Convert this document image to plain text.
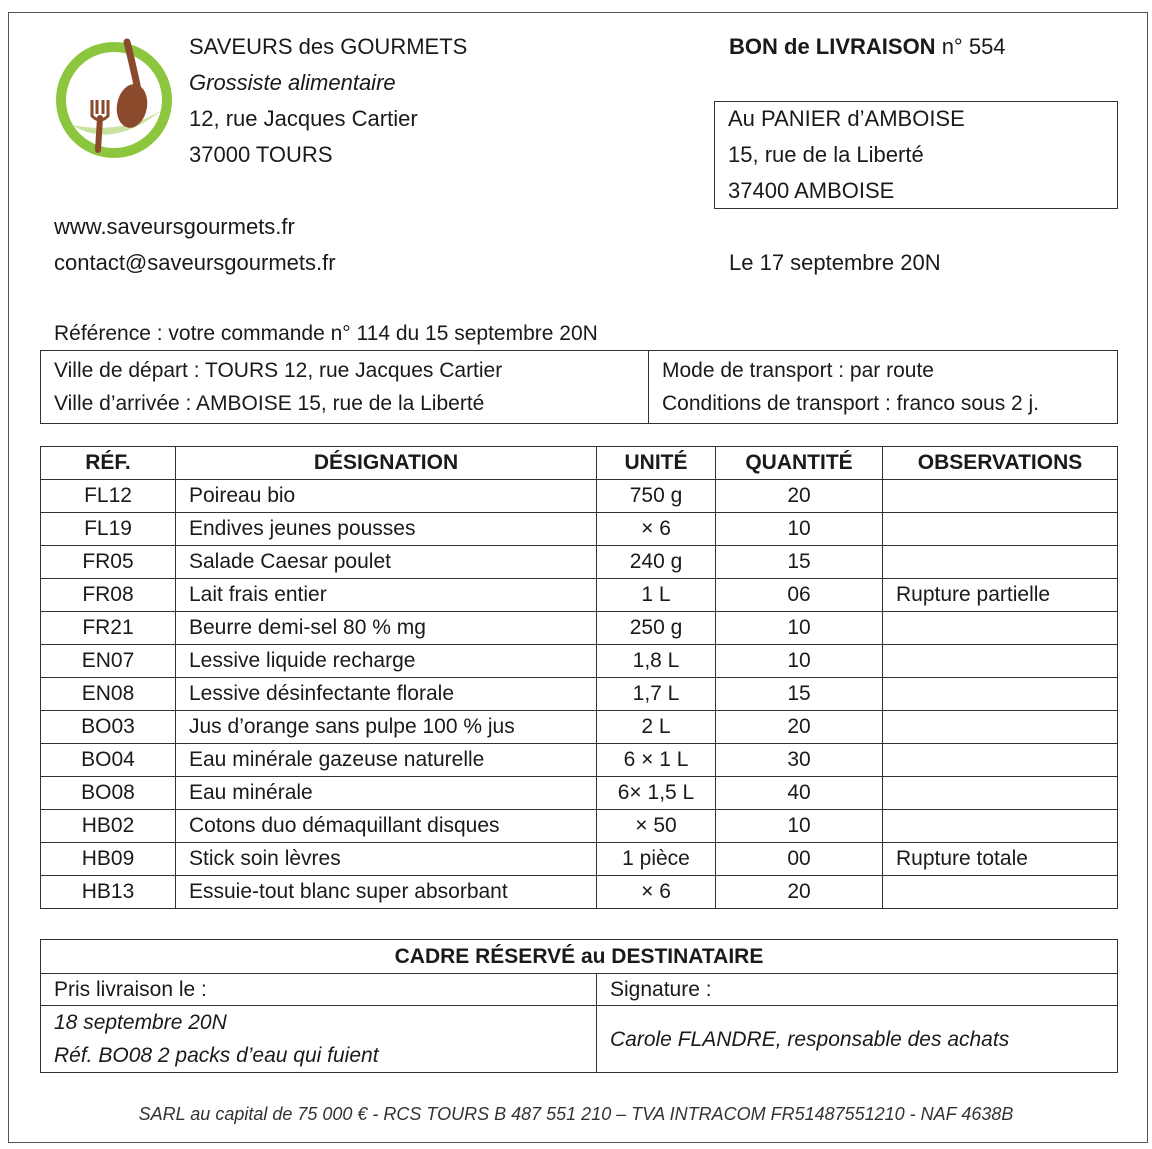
SAVEURS des GOURMETS
Grossiste alimentaire
12, rue Jacques Cartier
37000 TOURS
www.saveursgourmets.fr
contact@saveursgourmets.fr
BON de LIVRAISON n° 554
Au PANIER d’AMBOISE
15, rue de la Liberté
37400 AMBOISE
Le 17 septembre 20N
Référence : votre commande n° 114 du 15 septembre 20N
Ville de départ : TOURS 12, rue Jacques Cartier
Ville d’arrivée : AMBOISE 15, rue de la Liberté

Mode de transport : par route
Conditions de transport : franco sous 2 j.
RÉF.	DÉSIGNATION	UNITÉ	QUANTITÉ	OBSERVATIONS
FL12	Poireau bio	750 g	20	
FL19	Endives jeunes pousses	× 6	10	
FR05	Salade Caesar poulet	240 g	15	
FR08	Lait frais entier	1 L	06	Rupture partielle
FR21	Beurre demi-sel 80 % mg	250 g	10	
EN07	Lessive liquide recharge	1,8 L	10	
EN08	Lessive désinfectante florale	1,7 L	15	
BO03	Jus d’orange sans pulpe 100 % jus	2 L	20	
BO04	Eau minérale gazeuse naturelle	6 × 1 L	30	
BO08	Eau minérale	6× 1,5 L	40	
HB02	Cotons duo démaquillant disques	× 50	10	
HB09	Stick soin lèvres	1 pièce	00	Rupture totale
HB13	Essuie-tout blanc super absorbant	× 6	20	
CADRE RÉSERVÉ au DESTINATAIRE	
Pris livraison le :	Signature :

18 septembre 20N
Réf. BO08 2 packs d’eau qui fuient	Carole FLANDRE, responsable des achats
SARL au capital de 75 000 € - RCS TOURS B 487 551 210 – TVA INTRACOM FR51487551210 - NAF 4638B
